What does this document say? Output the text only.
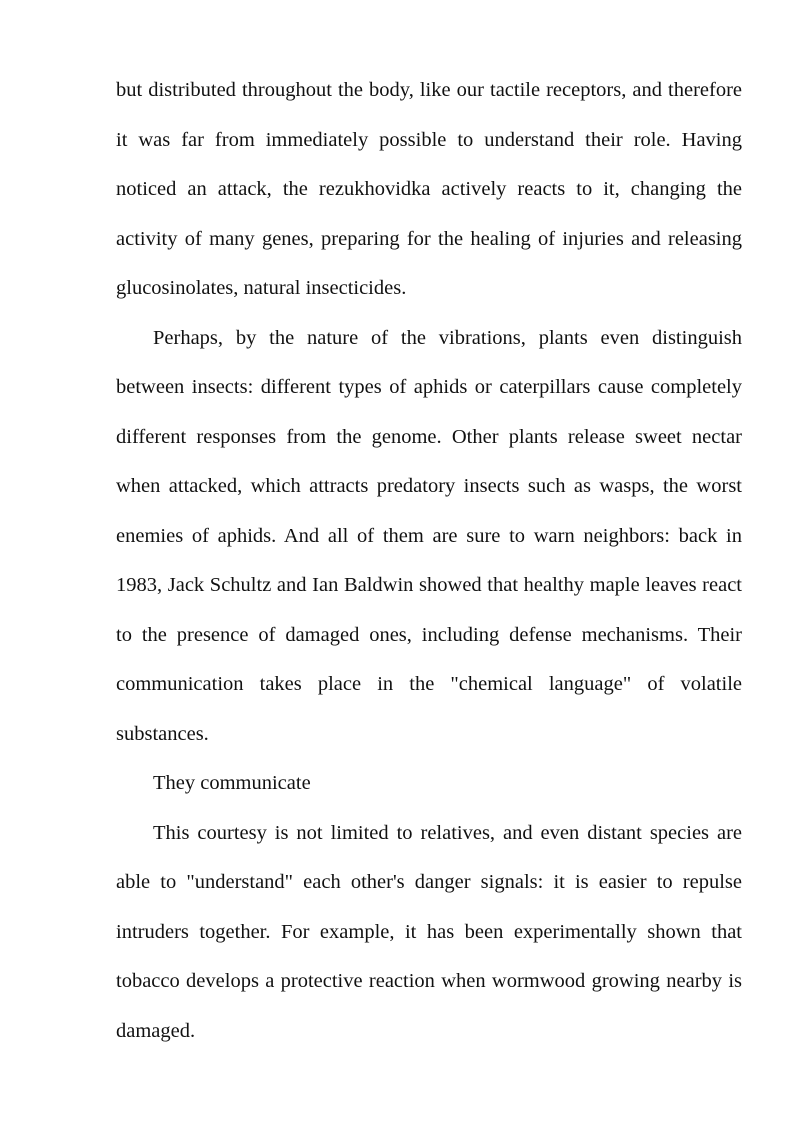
but distributed throughout the body, like our tactile receptors, and therefore it was far from immediately possible to understand their role. Having noticed an attack, the rezukhovidka actively reacts to it, changing the activity of many genes, preparing for the healing of injuries and releasing glucosinolates, natural insecticides.

Perhaps, by the nature of the vibrations, plants even distinguish between insects: different types of aphids or caterpillars cause completely different responses from the genome. Other plants release sweet nectar when attacked, which attracts predatory insects such as wasps, the worst enemies of aphids. And all of them are sure to warn neighbors: back in 1983, Jack Schultz and Ian Baldwin showed that healthy maple leaves react to the presence of damaged ones, including defense mechanisms. Their communication takes place in the "chemical language" of volatile substances.

They communicate

This courtesy is not limited to relatives, and even distant species are able to "understand" each other's danger signals: it is easier to repulse intruders together. For example, it has been experimentally shown that tobacco develops a protective reaction when wormwood growing nearby is damaged.
